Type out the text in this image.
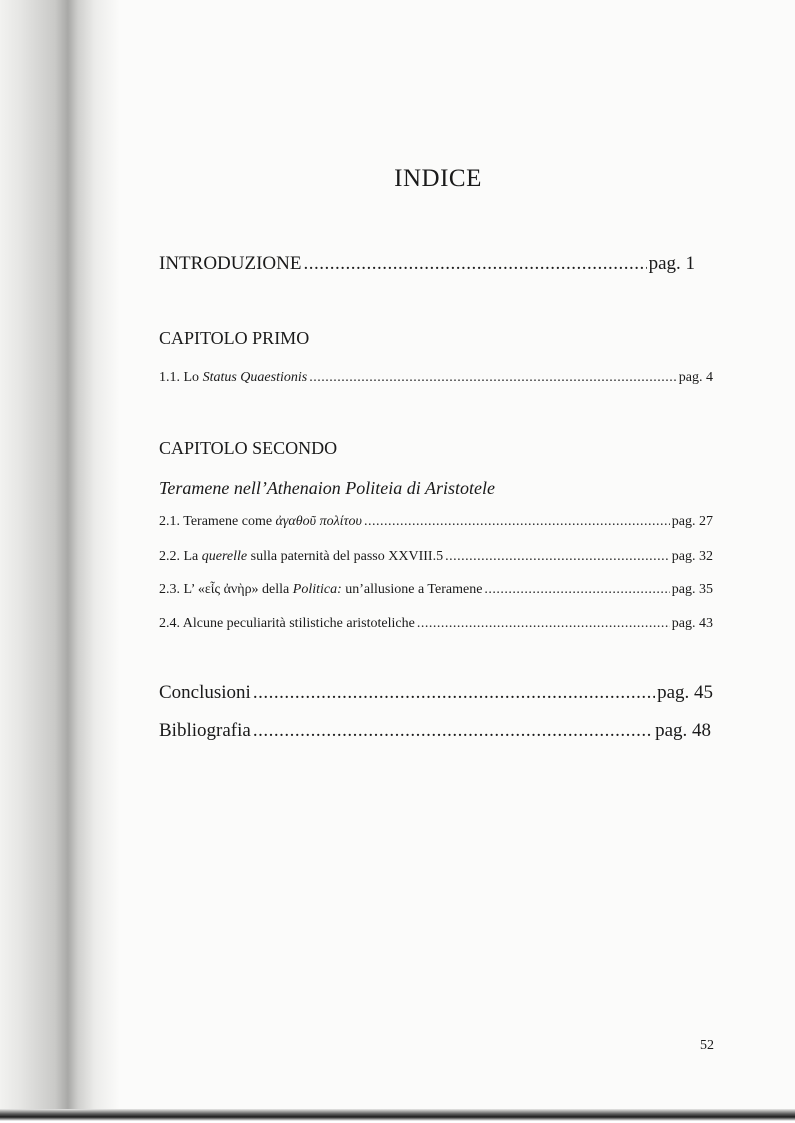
INDICE
INTRODUZIONE .....	pag. 1
CAPITOLO PRIMO
1.1. Lo Status Quaestionis .....	pag. 4
CAPITOLO SECONDO
Teramene nell’Athenaion Politeia di Aristotele
2.1. Teramene come ἀγαθοῦ πολίτου .....	pag. 27
2.2. La querelle sulla paternità del passo XXVIII.5 .....	pag. 32
2.3. L’ «εἷς ἀνὴρ» della Politica: un’allusione a Teramene .....	pag. 35
2.4. Alcune peculiarità stilistiche aristoteliche .....	pag. 43
Conclusioni .....	pag. 45
Bibliografia .....	pag. 48
52
